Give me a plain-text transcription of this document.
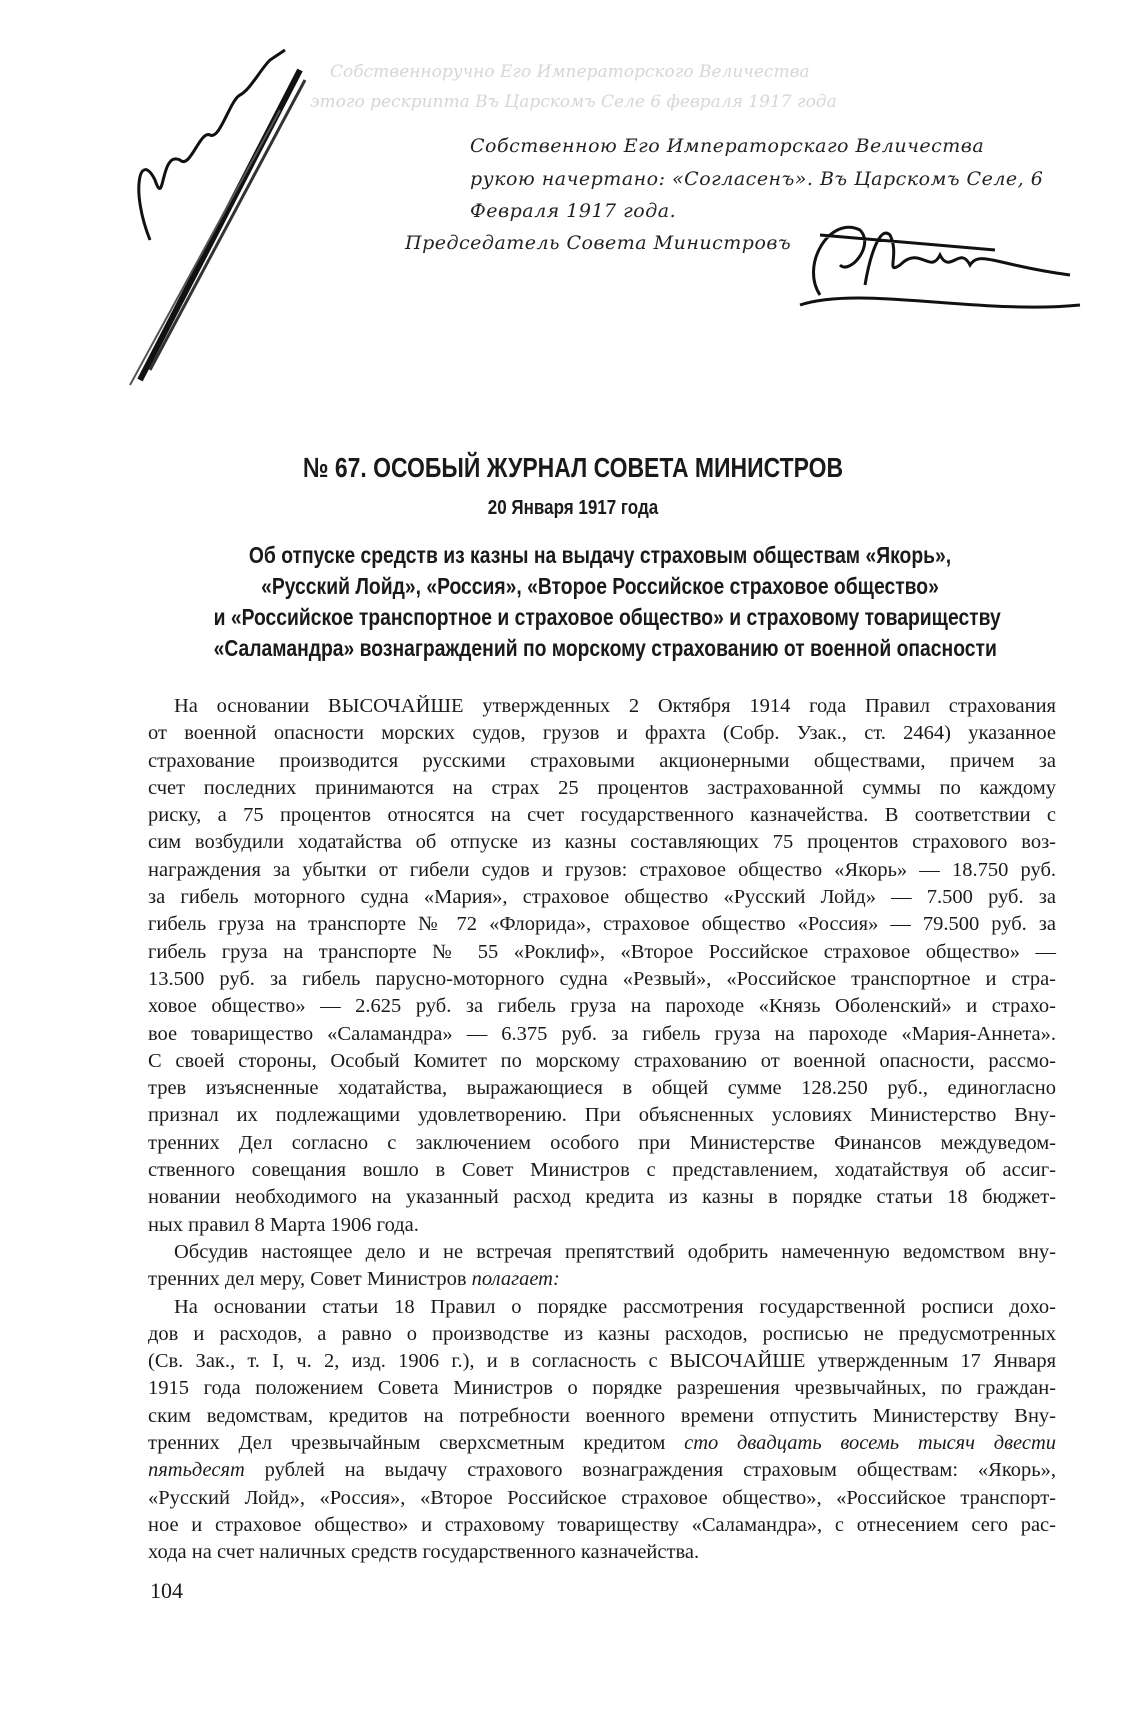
Собственноручно Его Императорского Величества
этого рескрипта Въ Царскомъ Селе 6 февраля 1917 года
Собственною Его Императорскаго Величества
рукою начертано: «Согласенъ». Въ Царскомъ Селе, 6
Февраля 1917 года.
Председатель Совета Министровъ
№ 67. ОСОБЫЙ ЖУРНАЛ СОВЕТА МИНИСТРОВ
20 Января 1917 года
Об отпуске средств из казны на выдачу страховым обществам «Якорь»,
«Русский Лойд», «Россия», «Второе Российское страховое общество»
и «Российское транспортное и страховое общество» и страховому товариществу
«Саламандра» вознаграждений по морскому страхованию от военной опасности
На основании ВЫСОЧАЙШЕ утвержденных 2 Октября 1914 года Правил страхования
от военной опасности морских судов, грузов и фрахта (Собр. Узак., ст. 2464) указанное
страхование производится русскими страховыми акционерными обществами, причем за
счет последних принимаются на страх 25 процентов застрахованной суммы по каждому
риску, а 75 процентов относятся на счет государственного казначейства. В соответствии с
сим возбудили ходатайства об отпуске из казны составляющих 75 процентов страхового воз-
награждения за убытки от гибели судов и грузов: страховое общество «Якорь» — 18.750 руб.
за гибель моторного судна «Мария», страховое общество «Русский Лойд» — 7.500 руб. за
гибель груза на транспорте № 72 «Флорида», страховое общество «Россия» — 79.500 руб. за
гибель груза на транспорте № 55 «Роклиф», «Второе Российское страховое общество» —
13.500 руб. за гибель парусно-моторного судна «Резвый», «Российское транспортное и стра-
ховое общество» — 2.625 руб. за гибель груза на пароходе «Князь Оболенский» и страхо-
вое товарищество «Саламандра» — 6.375 руб. за гибель груза на пароходе «Мария-Аннета».
С своей стороны, Особый Комитет по морскому страхованию от военной опасности, рассмо-
трев изъясненные ходатайства, выражающиеся в общей сумме 128.250 руб., единогласно
признал их подлежащими удовлетворению. При объясненных условиях Министерство Вну-
тренних Дел согласно с заключением особого при Министерстве Финансов междуведом-
ственного совещания вошло в Совет Министров с представлением, ходатайствуя об ассиг-
новании необходимого на указанный расход кредита из казны в порядке статьи 18 бюджет-
ных правил 8 Марта 1906 года.
Обсудив настоящее дело и не встречая препятствий одобрить намеченную ведомством вну-
тренних дел меру, Совет Министров полагает:
На основании статьи 18 Правил о порядке рассмотрения государственной росписи дохо-
дов и расходов, а равно о производстве из казны расходов, росписью не предусмотренных
(Св. Зак., т. I, ч. 2, изд. 1906 г.), и в согласность с ВЫСОЧАЙШЕ утвержденным 17 Января
1915 года положением Совета Министров о порядке разрешения чрезвычайных, по граждан-
ским ведомствам, кредитов на потребности военного времени отпустить Министерству Вну-
тренних Дел чрезвычайным сверхсметным кредитом сто двадцать восемь тысяч двести
пятьдесят рублей на выдачу страхового вознаграждения страховым обществам: «Якорь»,
«Русский Лойд», «Россия», «Второе Российское страховое общество», «Российское транспорт-
ное и страховое общество» и страховому товариществу «Саламандра», с отнесением сего рас-
хода на счет наличных средств государственного казначейства.
104
